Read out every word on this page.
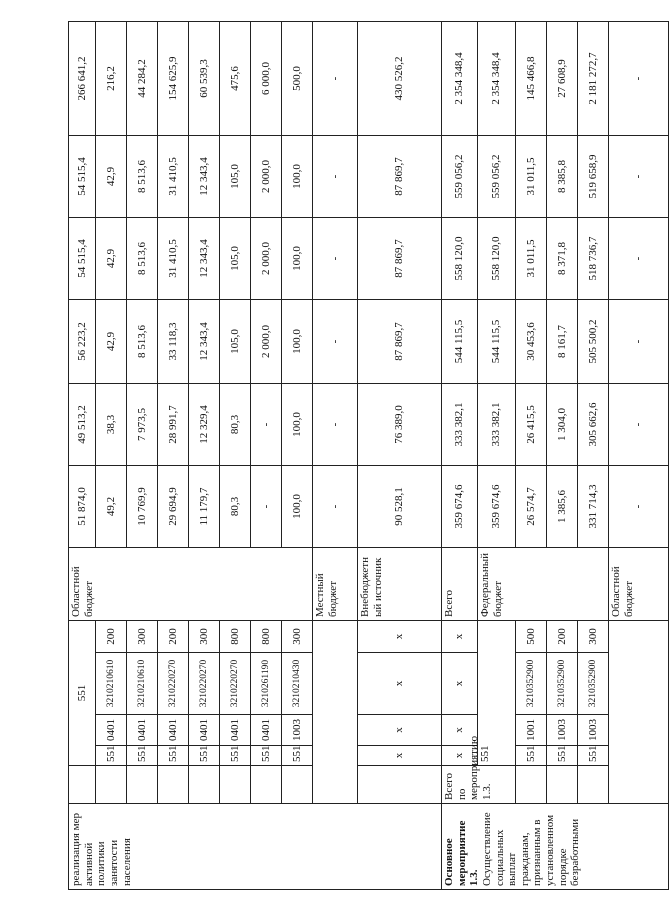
реализация мер активной политики занятости населения		551				Областной бюджет	51 874,0	49 513,2	56 223,2	54 515,4	54 515,4	266 641,2
		551	0401	3210210610	200		49,2	38,3	42,9	42,9	42,9	216,2
		551	0401	3210210610	300		10 769,9	7 973,5	8 513,6	8 513,6	8 513,6	44 284,2
		551	0401	3210220270	200		29 694,9	28 991,7	33 118,3	31 410,5	31 410,5	154 625,9
		551	0401	3210220270	300		11 179,7	12 329,4	12 343,4	12 343,4	12 343,4	60 539,3
		551	0401	3210220270	800		80,3	80,3	105,0	105,0	105,0	475,6
		551	0401	3210261190	800		-	-	2 000,0	2 000,0	2 000,0	6 000,0
		551	1003	3210210430	300		100,0	100,0	100,0	100,0	100,0	500,0
						Местный бюджет	-	-	-	-	-	-
		х	х	х	х	Внебюджетн ый источник	90 528,1	76 389,0	87 869,7	87 869,7	87 869,7	430 526,2
Основное мероприятие 1.3. Осуществление социальных выплат гражданам, признанным в установленном порядке безработными	Всего по мероприятию 1.3.	х	х	х	х	Всего	359 674,6	333 382,1	544 115,5	558 120,0	559 056,2	2 354 348,4
		551				Федеральный бюджет	359 674,6	333 382,1	544 115,5	558 120,0	559 056,2	2 354 348,4
		551	1001	3210352900	500		26 574,7	26 415,5	30 453,6	31 011,5	31 011,5	145 466,8
		551	1003	3210352900	200		1 385,6	1 304,0	8 161,7	8 371,8	8 385,8	27 608,9
		551	1003	3210352900	300		331 714,3	305 662,6	505 500,2	518 736,7	519 658,9	2 181 272,7
						Областной бюджет	-	-	-	-	-	-
